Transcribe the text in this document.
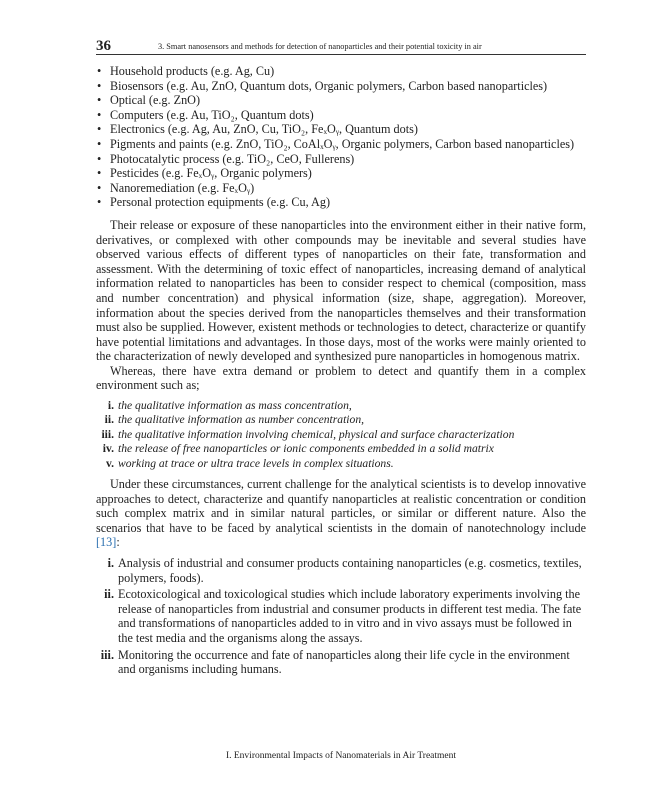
36	3. Smart nanosensors and methods for detection of nanoparticles and their potential toxicity in air
• Household products (e.g. Ag, Cu)
• Biosensors (e.g. Au, ZnO, Quantum dots, Organic polymers, Carbon based nanoparticles)
• Optical (e.g. ZnO)
• Computers (e.g. Au, TiO₂, Quantum dots)
• Electronics (e.g. Ag, Au, ZnO, Cu, TiO₂, FeₓOᵧ, Quantum dots)
• Pigments and paints (e.g. ZnO, TiO₂, CoAlₓOᵧ, Organic polymers, Carbon based nanoparticles)
• Photocatalytic process (e.g. TiO₂, CeO, Fullerens)
• Pesticides (e.g. FeₓOᵧ, Organic polymers)
• Nanoremediation (e.g. FeₓOᵧ)
• Personal protection equipments (e.g. Cu, Ag)

Their release or exposure of these nanoparticles into the environment either in their native form, derivatives, or complexed with other compounds may be inevitable and several studies have observed various effects of different types of nanoparticles on their fate, transformation and assessment. With the determining of toxic effect of nanoparticles, increasing demand of analytical information related to nanoparticles has been to consider respect to chemical (composition, mass and number concentration) and physical information (size, shape, aggregation). Moreover, information about the species derived from the nanoparticles themselves and their transformation must also be supplied. However, existent methods or technologies to detect, characterize or quantify have potential limitations and advantages. In those days, most of the works were mainly oriented to the characterization of newly developed and synthesized pure nanoparticles in homogenous matrix.

Whereas, there have extra demand or problem to detect and quantify them in a complex environment such as;

i. the qualitative information as mass concentration,
ii. the qualitative information as number concentration,
iii. the qualitative information involving chemical, physical and surface characterization
iv. the release of free nanoparticles or ionic components embedded in a solid matrix
v. working at trace or ultra trace levels in complex situations.

Under these circumstances, current challenge for the analytical scientists is to develop innovative approaches to detect, characterize and quantify nanoparticles at realistic concentration or condition such complex matrix and in similar natural particles, or similar or different nature. Also the scenarios that have to be faced by analytical scientists in the domain of nanotechnology include [13]:

i. Analysis of industrial and consumer products containing nanoparticles (e.g. cosmetics, textiles, polymers, foods).
ii. Ecotoxicological and toxicological studies which include laboratory experiments involving the release of nanoparticles from industrial and consumer products in different test media. The fate and transformations of nanoparticles added to in vitro and in vivo assays must be followed in the test media and the organisms along the assays.
iii. Monitoring the occurrence and fate of nanoparticles along their life cycle in the environment and organisms including humans.
I. Environmental Impacts of Nanomaterials in Air Treatment
